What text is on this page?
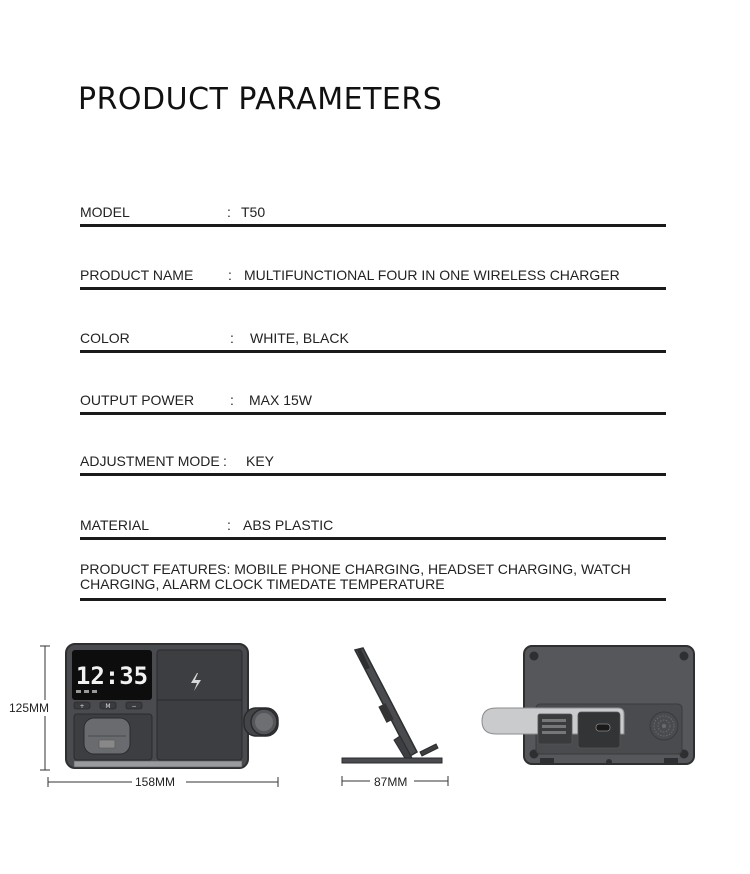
PRODUCT PARAMETERS
MODEL	: T50
PRODUCT NAME : MULTIFUNCTIONAL FOUR IN ONE WIRELESS CHARGER
COLOR	: WHITE, BLACK
OUTPUT POWER	: MAX 15W
ADJUSTMENT MODE : KEY
MATERIAL	: ABS PLASTIC
PRODUCT FEATURES: MOBILE PHONE CHARGING, HEADSET CHARGING, WATCH CHARGING, ALARM CLOCK TIMEDATE TEMPERATURE
12:35
+	M	−
125MM
158MM	87MM
